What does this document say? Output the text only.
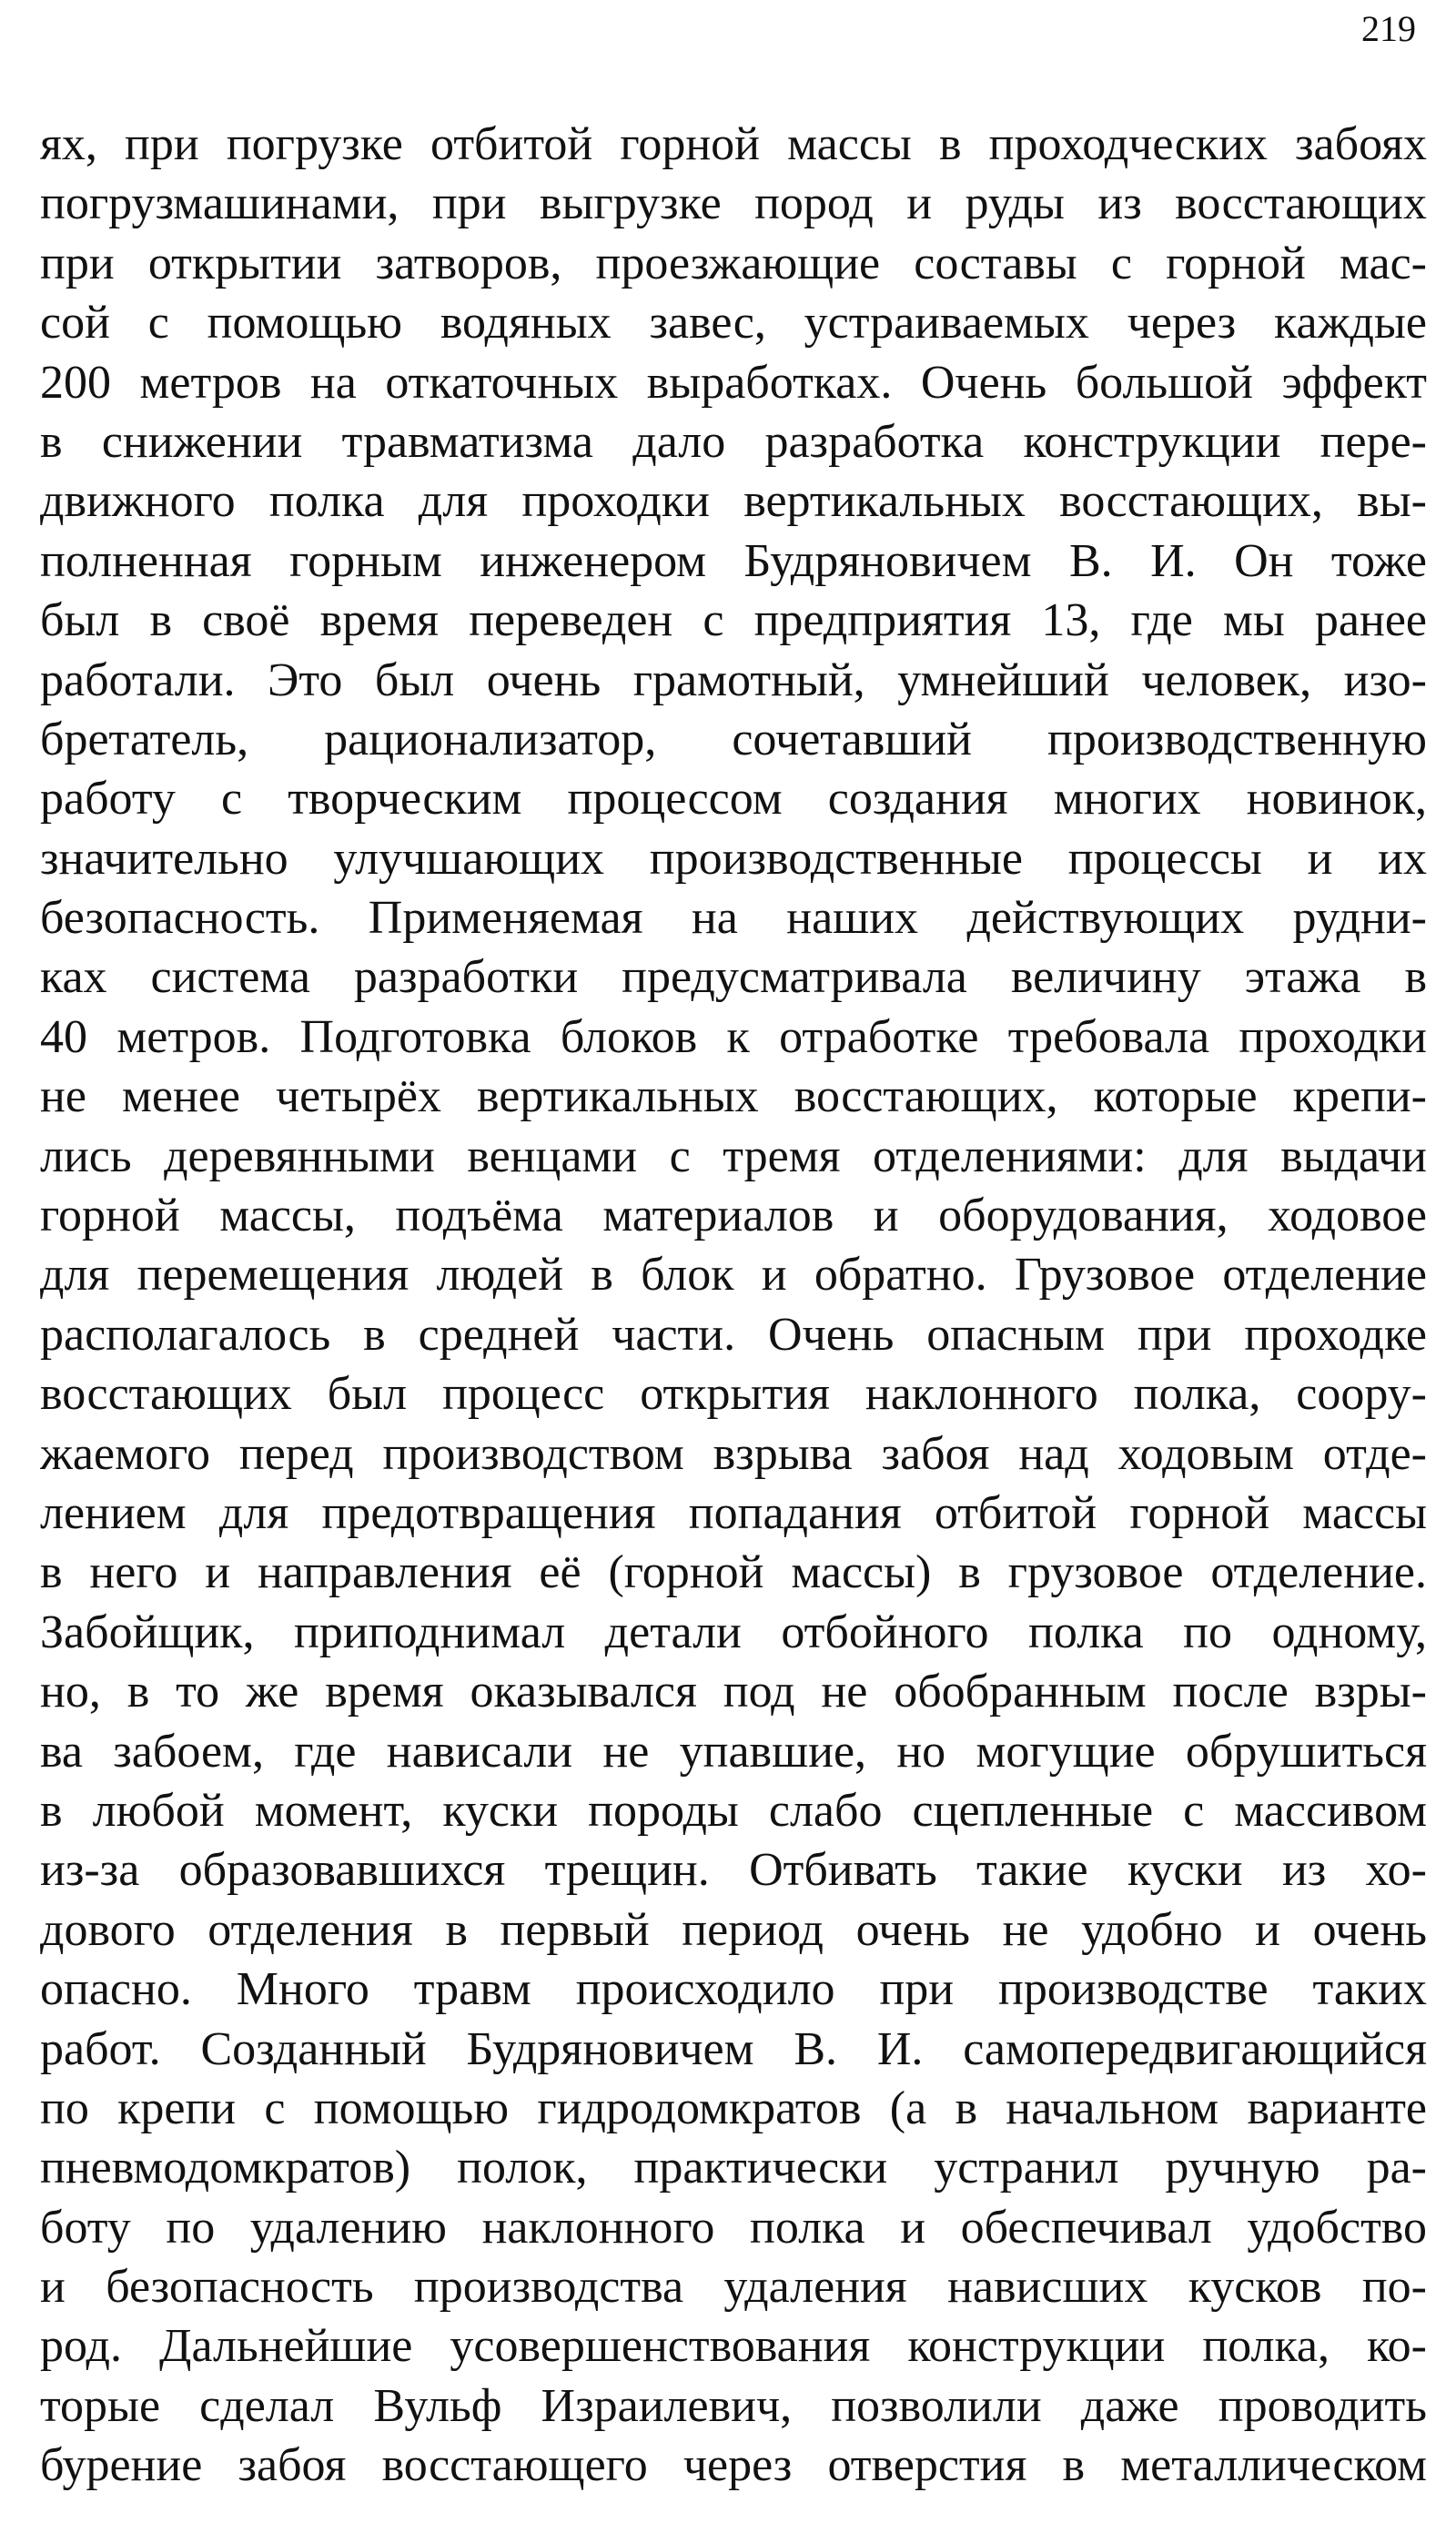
219
ях, при погрузке отбитой горной массы в проходческих забоях
погрузмашинами, при выгрузке пород и руды из восстающих
при открытии затворов, проезжающие составы с горной мас-
сой с помощью водяных завес, устраиваемых через каждые
200 метров на откаточных выработках. Очень большой эффект
в снижении травматизма дало разработка конструкции пере-
движного полка для проходки вертикальных восстающих, вы-
полненная горным инженером Будряновичем В. И. Он тоже
был в своё время переведен с предприятия 13, где мы ранее
работали. Это был очень грамотный, умнейший человек, изо-
бретатель, рационализатор, сочетавший производственную
работу с творческим процессом создания многих новинок,
значительно улучшающих производственные процессы и их
безопасность. Применяемая на наших действующих рудни-
ках система разработки предусматривала величину этажа в
40 метров. Подготовка блоков к отработке требовала проходки
не менее четырёх вертикальных восстающих, которые крепи-
лись деревянными венцами с тремя отделениями: для выдачи
горной массы, подъёма материалов и оборудования, ходовое
для перемещения людей в блок и обратно. Грузовое отделение
располагалось в средней части. Очень опасным при проходке
восстающих был процесс открытия наклонного полка, соору-
жаемого перед производством взрыва забоя над ходовым отде-
лением для предотвращения попадания отбитой горной массы
в него и направления её (горной массы) в грузовое отделение.
Забойщик, приподнимал детали отбойного полка по одному,
но, в то же время оказывался под не обобранным после взры-
ва забоем, где нависали не упавшие, но могущие обрушиться
в любой момент, куски породы слабо сцепленные с массивом
из-за образовавшихся трещин. Отбивать такие куски из хо-
дового отделения в первый период очень не удобно и очень
опасно. Много травм происходило при производстве таких
работ. Созданный Будряновичем В. И. самопередвигающийся
по крепи с помощью гидродомкратов (а в начальном варианте
пневмодомкратов) полок, практически устранил ручную ра-
боту по удалению наклонного полка и обеспечивал удобство
и безопасность производства удаления нависших кусков по-
род. Дальнейшие усовершенствования конструкции полка, ко-
торые сделал Вульф Израилевич, позволили даже проводить
бурение забоя восстающего через отверстия в металлическом
